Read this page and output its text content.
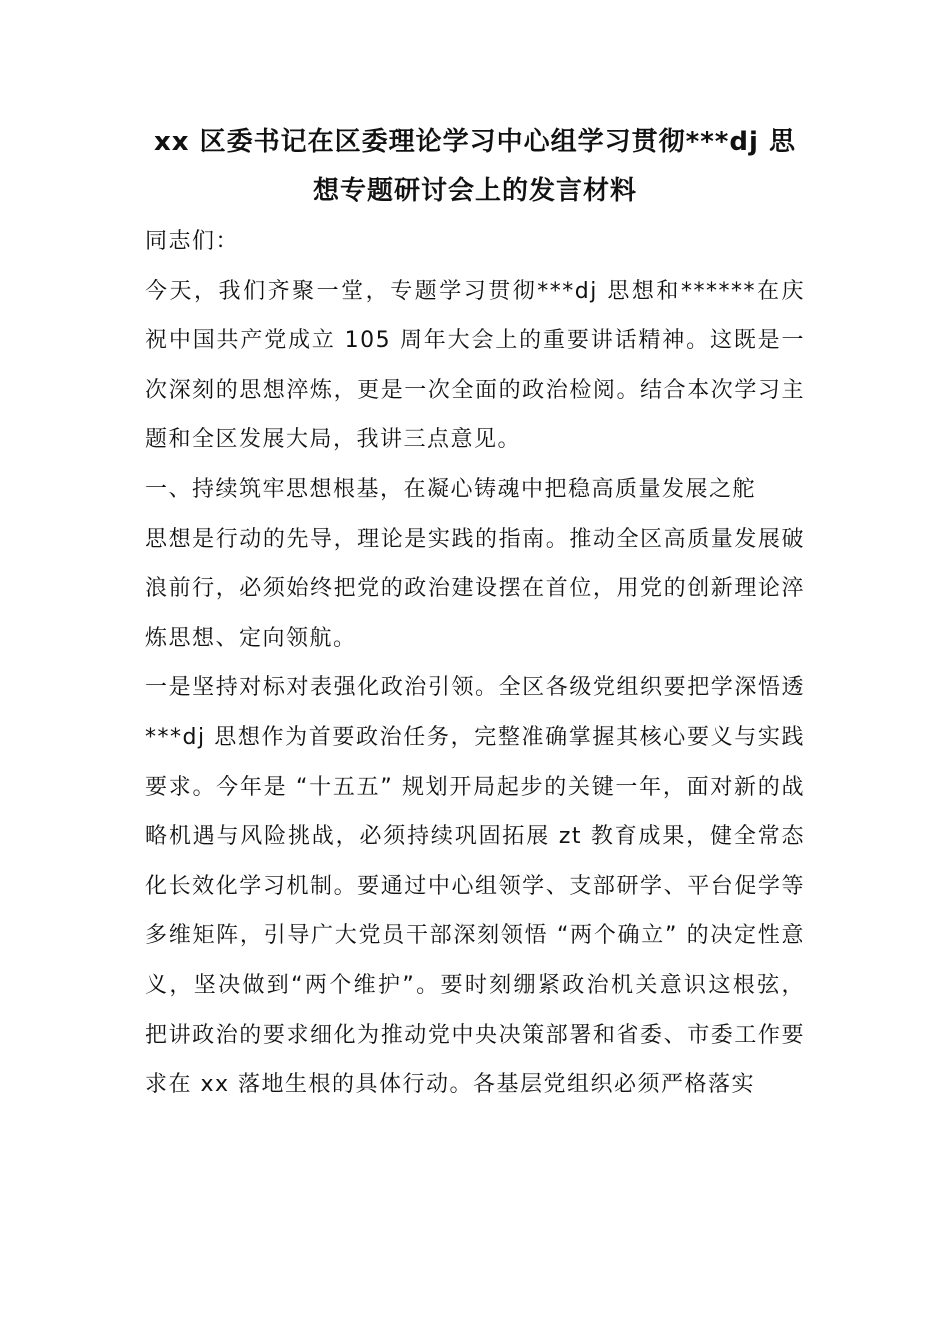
xx 区委书记在区委理论学习中心组学习贯彻***dj 思想专题研讨会上的发言材料

同志们：

今天，我们齐聚一堂，专题学习贯彻***dj 思想和******在庆祝中国共产党成立 105 周年大会上的重要讲话精神。这既是一次深刻的思想淬炼，更是一次全面的政治检阅。结合本次学习主题和全区发展大局，我讲三点意见。

一、持续筑牢思想根基，在凝心铸魂中把稳高质量发展之舵

思想是行动的先导，理论是实践的指南。推动全区高质量发展破浪前行，必须始终把党的政治建设摆在首位，用党的创新理论淬炼思想、定向领航。

一是坚持对标对表强化政治引领。全区各级党组织要把学深悟透***dj 思想作为首要政治任务，完整准确掌握其核心要义与实践要求。今年是 “十五五” 规划开局起步的关键一年，面对新的战略机遇与风险挑战，必须持续巩固拓展 zt 教育成果，健全常态化长效化学习机制。要通过中心组领学、支部研学、平台促学等多维矩阵，引导广大党员干部深刻领悟 “两个确立” 的决定性意义，坚决做到“两个维护”。要时刻绷紧政治机关意识这根弦，把讲政治的要求细化为推动党中央决策部署和省委、市委工作要求在 xx 落地生根的具体行动。各基层党组织必须严格落实
